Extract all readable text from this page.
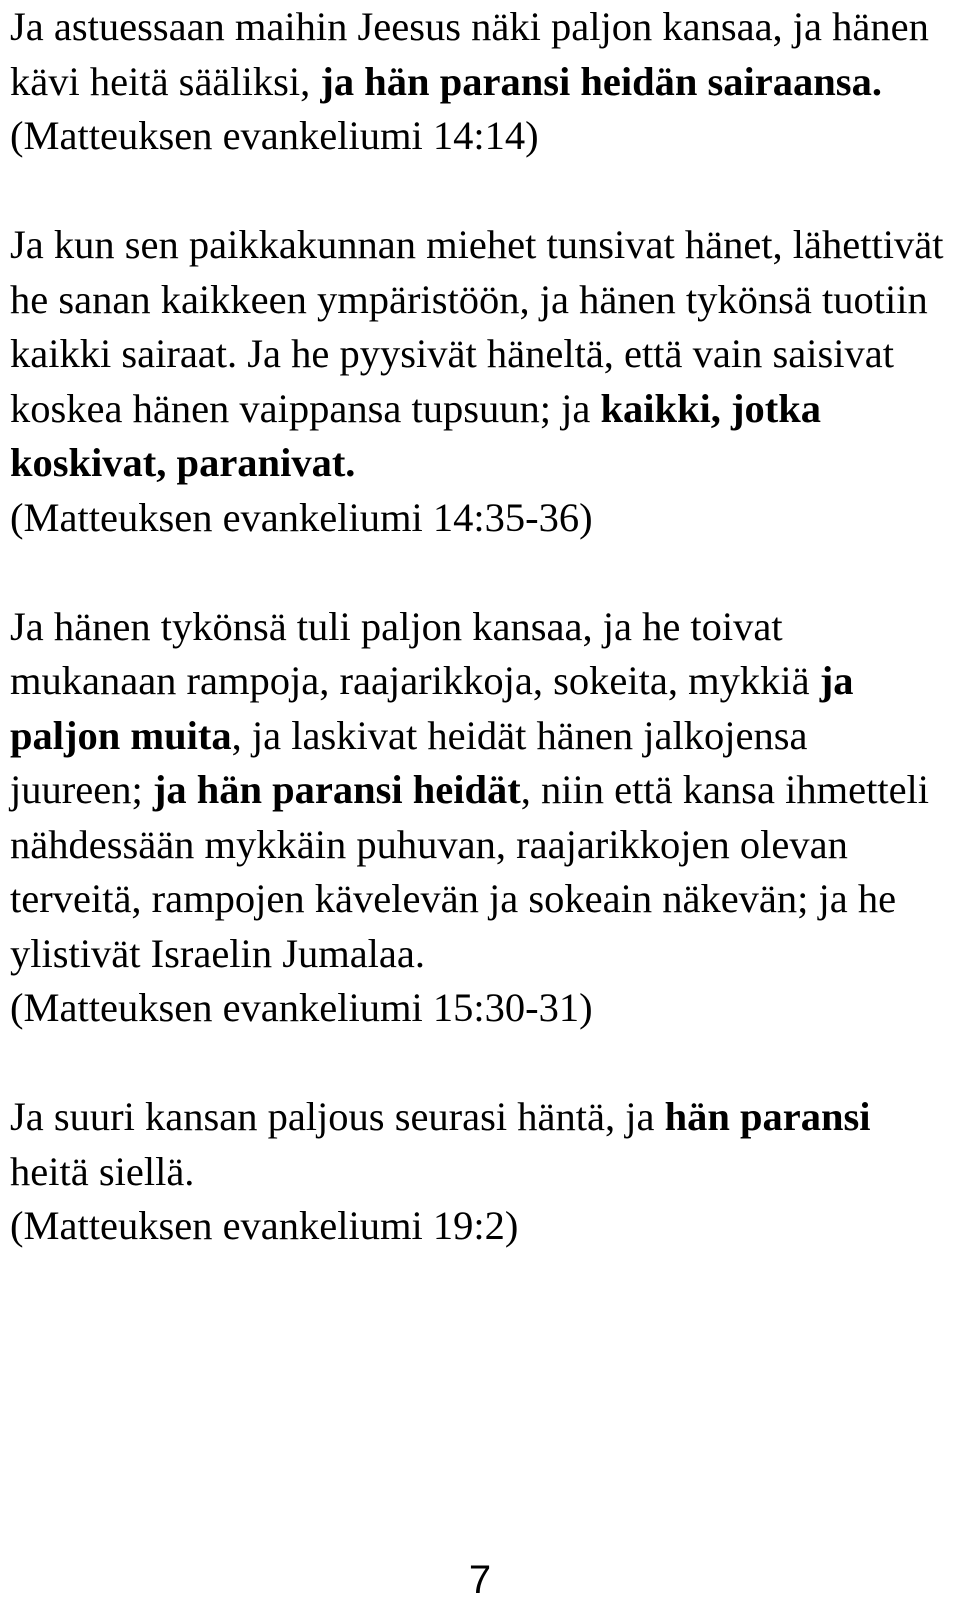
Ja astuessaan maihin Jeesus näki paljon kansaa, ja hänen kävi heitä sääliksi, ja hän paransi heidän sairaansa.
(Matteuksen evankeliumi 14:14)
Ja kun sen paikkakunnan miehet tunsivat hänet, lähettivät he sanan kaikkeen ympäristöön, ja hänen tykönsä tuotiin kaikki sairaat. Ja he pyysivät häneltä, että vain saisivat koskea hänen vaippansa tupsuun; ja kaikki, jotka koskivat, paranivat.
(Matteuksen evankeliumi 14:35-36)
Ja hänen tykönsä tuli paljon kansaa, ja he toivat mukanaan rampoja, raajarikkoja, sokeita, mykkiä ja paljon muita, ja laskivat heidät hänen jalkojensa juureen; ja hän paransi heidät, niin että kansa ihmetteli nähdessään mykkäin puhuvan, raajarikkojen olevan terveitä, rampojen kävelevän ja sokeain näkevän; ja he ylistivät Israelin Jumalaa.
(Matteuksen evankeliumi 15:30-31)
Ja suuri kansan paljous seurasi häntä, ja hän paransi heitä siellä.
(Matteuksen evankeliumi 19:2)
7
